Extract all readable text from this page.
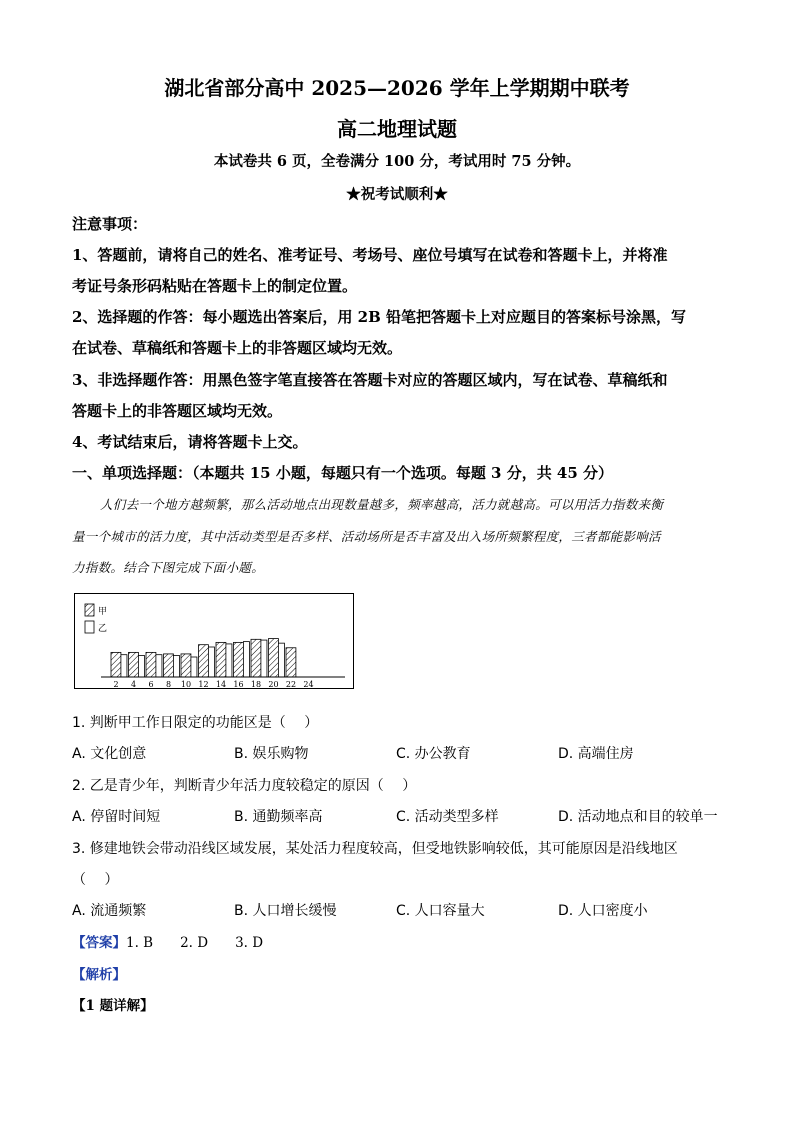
湖北省部分高中 2025—2026 学年上学期期中联考
高二地理试题
本试卷共 6 页，全卷满分 100 分，考试用时 75 分钟。
★祝考试顺利★
注意事项：
1、答题前，请将自己的姓名、准考证号、考场号、座位号填写在试卷和答题卡上，并将准
考证号条形码粘贴在答题卡上的制定位置。
2、选择题的作答：每小题选出答案后，用 2B 铅笔把答题卡上对应题目的答案标号涂黑，写
在试卷、草稿纸和答题卡上的非答题区域均无效。
3、非选择题作答：用黑色签字笔直接答在答题卡对应的答题区域内，写在试卷、草稿纸和
答题卡上的非答题区域均无效。
4、考试结束后，请将答题卡上交。
一、单项选择题：（本题共 15 小题，每题只有一个选项。每题 3 分，共 45 分）
人们去一个地方越频繁，那么活动地点出现数量越多，频率越高，活力就越高。可以用活力指数来衡
量一个城市的活力度，其中活动类型是否多样、活动场所是否丰富及出入场所频繁程度，三者都能影响活
力指数。结合下图完成下面小题。
甲
乙
2 4 6 8 10 12 14 16 18 20 22 24
1. 判断甲工作日限定的功能区是（　 ）
A. 文化创意	B. 娱乐购物	C. 办公教育	D. 高端住房
2. 乙是青少年，判断青少年活力度较稳定的原因（　 ）
A. 停留时间短	B. 通勤频率高	C. 活动类型多样	D. 活动地点和目的较单一
3. 修建地铁会带动沿线区域发展，某处活力程度较高，但受地铁影响较低，其可能原因是沿线地区
（　 ）
A. 流通频繁	B. 人口增长缓慢	C. 人口容量大	D. 人口密度小
【答案】1. B　　2. D　　3. D
【解析】
【1 题详解】
